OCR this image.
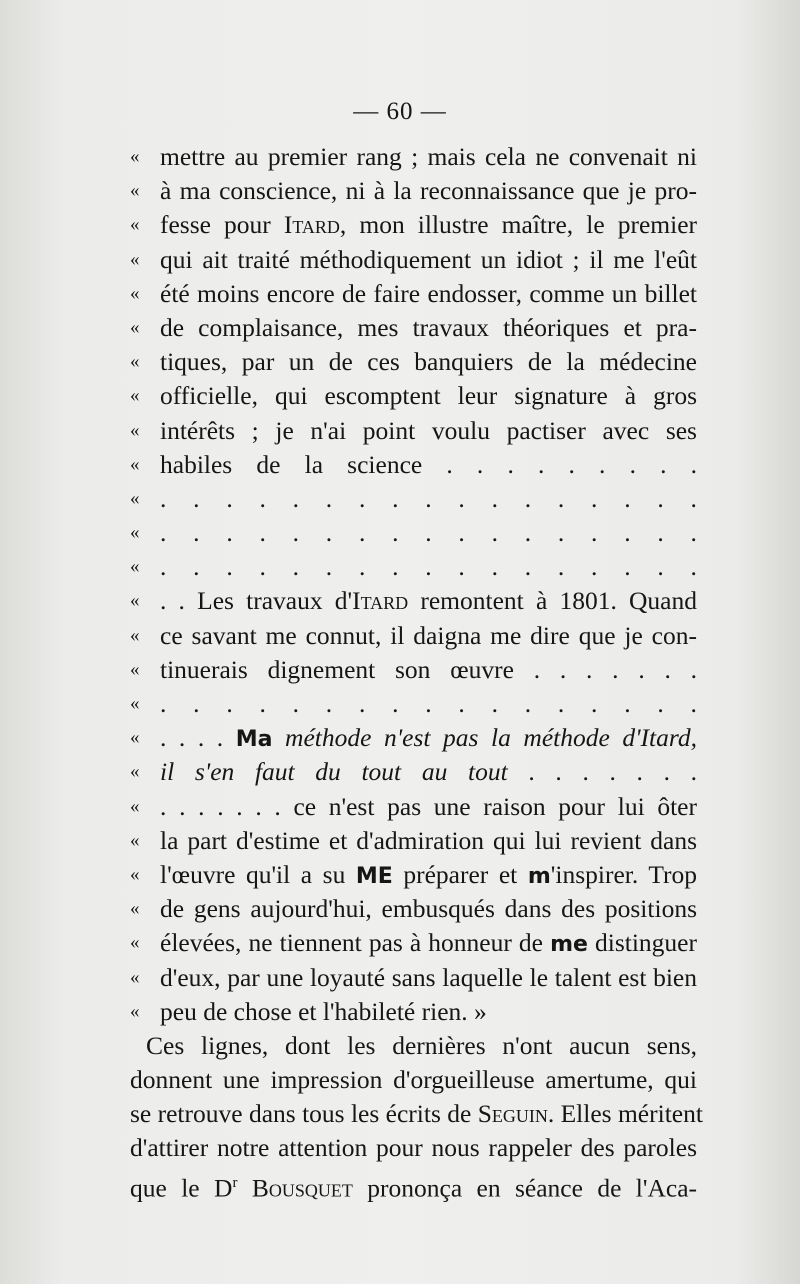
— 60 —
« mettre au premier rang ; mais cela ne convenait ni
« à ma conscience, ni à la reconnaissance que je pro-
« fesse pour Itard, mon illustre maître, le premier
« qui ait traité méthodiquement un idiot ; il me l'eût
« été moins encore de faire endosser, comme un billet
« de complaisance, mes travaux théoriques et pra-
« tiques, par un de ces banquiers de la médecine
« officielle, qui escomptent leur signature à gros
« intérêts ; je n'ai point voulu pactiser avec ses
« habiles de la science . . . . . . . . .
« . . . . . . . . . . . . . . . . .
« . . . . . . . . . . . . . . . . .
« . . . . . . . . . . . . . . . . .
« . . Les travaux d'Itard remontent à 1801. Quand
« ce savant me connut, il daigna me dire que je con-
« tinuerais dignement son œuvre . . . . . . .
« . . . . . . . . . . . . . . . . .
« . . . . Ma méthode n'est pas la méthode d'Itard,
« il s'en faut du tout au tout . . . . . . .
« . . . . . . . ce n'est pas une raison pour lui ôter
« la part d'estime et d'admiration qui lui revient dans
« l'œuvre qu'il a su ME préparer et m'inspirer. Trop
« de gens aujourd'hui, embusqués dans des positions
« élevées, ne tiennent pas à honneur de me distinguer
« d'eux, par une loyauté sans laquelle le talent est bien
« peu de chose et l'habileté rien. »
Ces lignes, dont les dernières n'ont aucun sens,
donnent une impression d'orgueilleuse amertume, qui
se retrouve dans tous les écrits de Seguin. Elles méritent
d'attirer notre attention pour nous rappeler des paroles
que le $D^r$ Bousquet prononça en séance de l'Aca-
